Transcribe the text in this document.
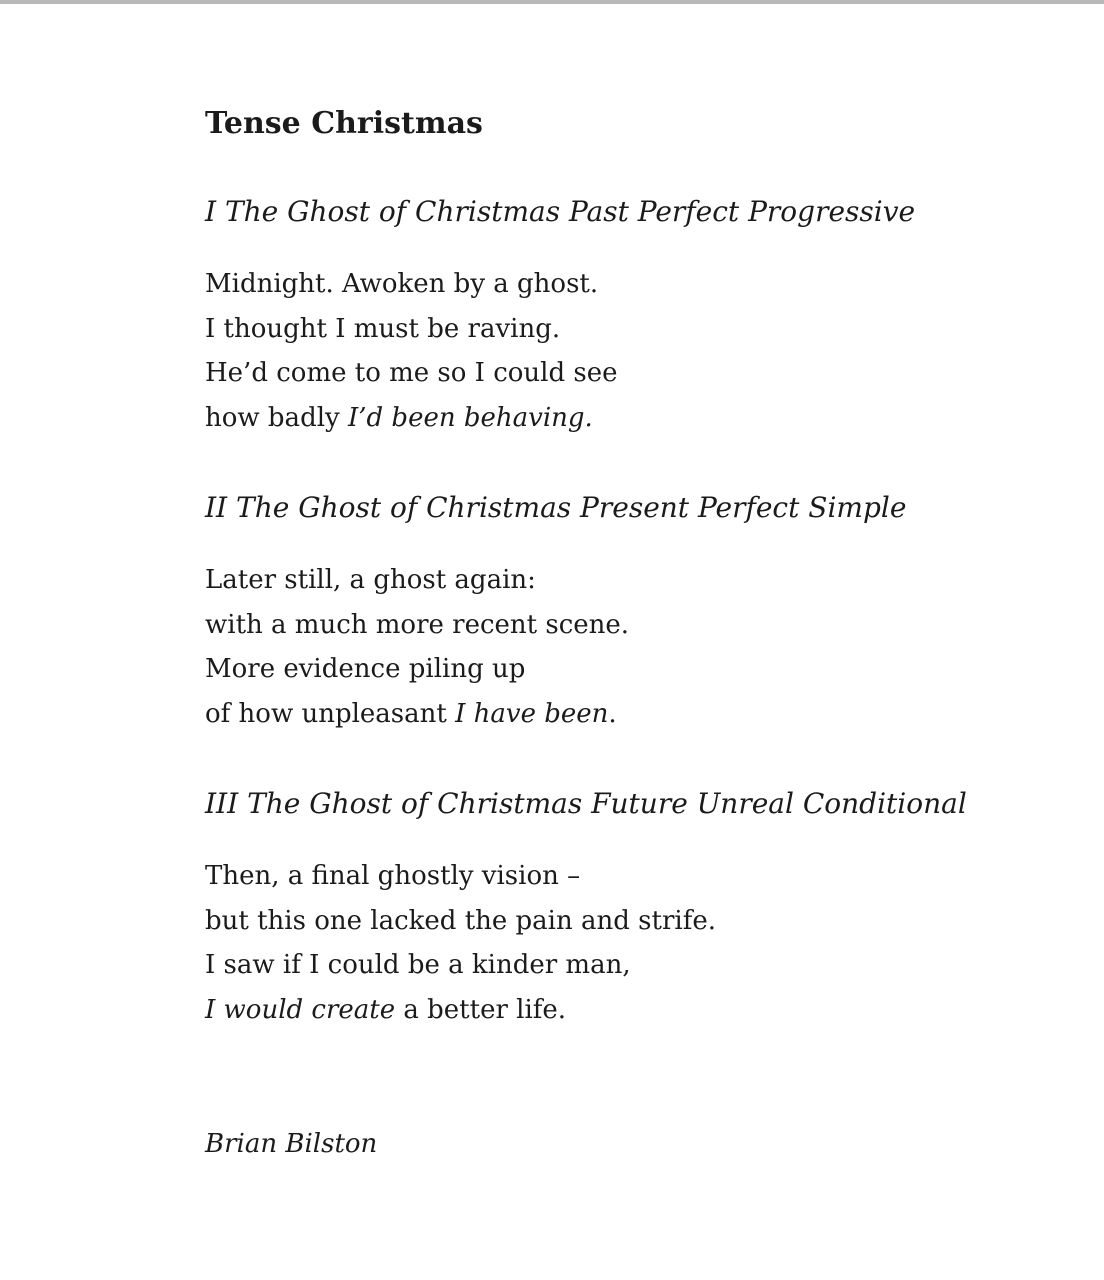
Tense Christmas
I The Ghost of Christmas Past Perfect Progressive

Midnight. Awoken by a ghost.
I thought I must be raving.
He’d come to me so I could see
how badly I’d been behaving.

II The Ghost of Christmas Present Perfect Simple

Later still, a ghost again:
with a much more recent scene.
More evidence piling up
of how unpleasant I have been.

III The Ghost of Christmas Future Unreal Conditional

Then, a final ghostly vision –
but this one lacked the pain and strife.
I saw if I could be a kinder man,
I would create a better life.

Brian Bilston
